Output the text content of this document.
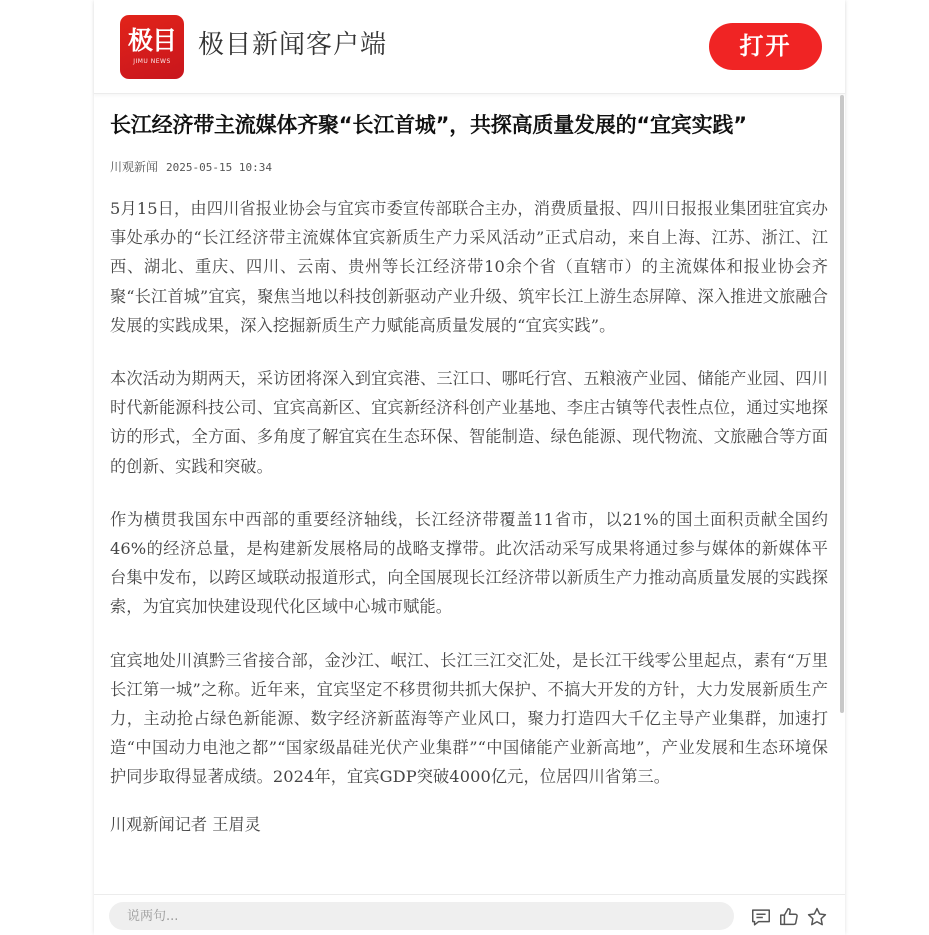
极目
JIMU NEWS
极目新闻客户端	打开
长江经济带主流媒体齐聚“长江首城”，共探高质量发展的“宜宾实践”
川观新闻 2025-05-15 10:34

5月15日，由四川省报业协会与宜宾市委宣传部联合主办，消费质量报、四川日报报业集团驻宜宾办事处承办的“长江经济带主流媒体宜宾新质生产力采风活动”正式启动，来自上海、江苏、浙江、江西、湖北、重庆、四川、云南、贵州等长江经济带10余个省（直辖市）的主流媒体和报业协会齐聚“长江首城”宜宾，聚焦当地以科技创新驱动产业升级、筑牢长江上游生态屏障、深入推进文旅融合发展的实践成果，深入挖掘新质生产力赋能高质量发展的“宜宾实践”。

本次活动为期两天，采访团将深入到宜宾港、三江口、哪吒行宫、五粮液产业园、储能产业园、四川时代新能源科技公司、宜宾高新区、宜宾新经济科创产业基地、李庄古镇等代表性点位，通过实地探访的形式，全方面、多角度了解宜宾在生态环保、智能制造、绿色能源、现代物流、文旅融合等方面的创新、实践和突破。

作为横贯我国东中西部的重要经济轴线，长江经济带覆盖11省市，以21%的国土面积贡献全国约46%的经济总量，是构建新发展格局的战略支撑带。此次活动采写成果将通过参与媒体的新媒体平台集中发布，以跨区域联动报道形式，向全国展现长江经济带以新质生产力推动高质量发展的实践探索，为宜宾加快建设现代化区域中心城市赋能。

宜宾地处川滇黔三省接合部，金沙江、岷江、长江三江交汇处，是长江干线零公里起点，素有“万里长江第一城”之称。近年来，宜宾坚定不移贯彻共抓大保护、不搞大开发的方针，大力发展新质生产力，主动抢占绿色新能源、数字经济新蓝海等产业风口，聚力打造四大千亿主导产业集群，加速打造“中国动力电池之都”“国家级晶硅光伏产业集群”“中国储能产业新高地”，产业发展和生态环境保护同步取得显著成绩。2024年，宜宾GDP突破4000亿元，位居四川省第三。

川观新闻记者 王眉灵

说两句...
